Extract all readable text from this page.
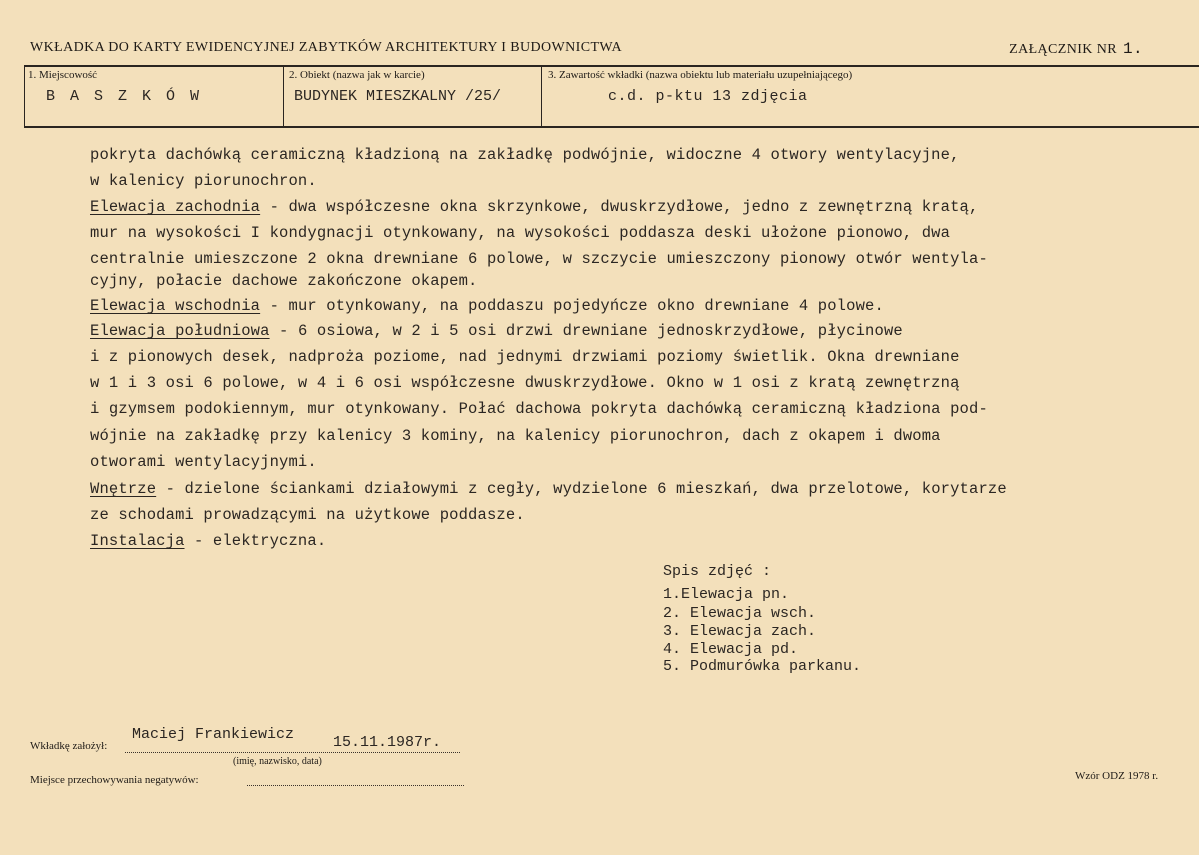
WKŁADKA DO KARTY EWIDENCYJNEJ ZABYTKÓW ARCHITEKTURY I BUDOWNICTWA	ZAŁĄCZNIK NR 1.
1. Miejscowość
B A S Z K Ó W
2. Obiekt (nazwa jak w karcie)
BUDYNEK MIESZKALNY /25/
3. Zawartość wkładki (nazwa obiektu lub materiału uzupełniającego)
c.d. p-ktu 13 zdjęcia
pokryta dachówką ceramiczną kładzioną na zakładkę podwójnie, widoczne 4 otwory wentylacyjne,
w kalenicy piorunochron.
Elewacja zachodnia - dwa współczesne okna skrzynkowe, dwuskrzydłowe, jedno z zewnętrzną kratą,
mur na wysokości I kondygnacji otynkowany, na wysokości poddasza deski ułożone pionowo, dwa
centralnie umieszczone 2 okna drewniane 6 polowe, w szczycie umieszczony pionowy otwór wentyla-
cyjny, połacie dachowe zakończone okapem.
Elewacja wschodnia - mur otynkowany, na poddaszu pojedyńcze okno drewniane 4 polowe.
Elewacja południowa - 6 osiowa, w 2 i 5 osi drzwi drewniane jednoskrzydłowe, płycinowe
i z pionowych desek, nadproża poziome, nad jednymi drzwiami poziomy świetlik. Okna drewniane
w 1 i 3 osi 6 polowe, w 4 i 6 osi współczesne dwuskrzydłowe. Okno w 1 osi z kratą zewnętrzną
i gzymsem podokiennym, mur otynkowany. Połać dachowa pokryta dachówką ceramiczną kładziona pod-
wójnie na zakładkę przy kalenicy 3 kominy, na kalenicy piorunochron, dach z okapem i dwoma
otworami wentylacyjnymi.
Wnętrze - dzielone ściankami działowymi z cegły, wydzielone 6 mieszkań, dwa przelotowe, korytarze
ze schodami prowadzącymi na użytkowe poddasze.
Instalacja - elektryczna.
Spis zdjęć :
1.Elewacja pn.
2. Elewacja wsch.
3. Elewacja zach.
4. Elewacja pd.
5. Podmurówka parkanu.
Wkładkę założył:
Maciej Frankiewicz	15.11.1987r.
(imię, nazwisko, data)
Miejsce przechowywania negatywów:	Wzór ODZ 1978 r.
